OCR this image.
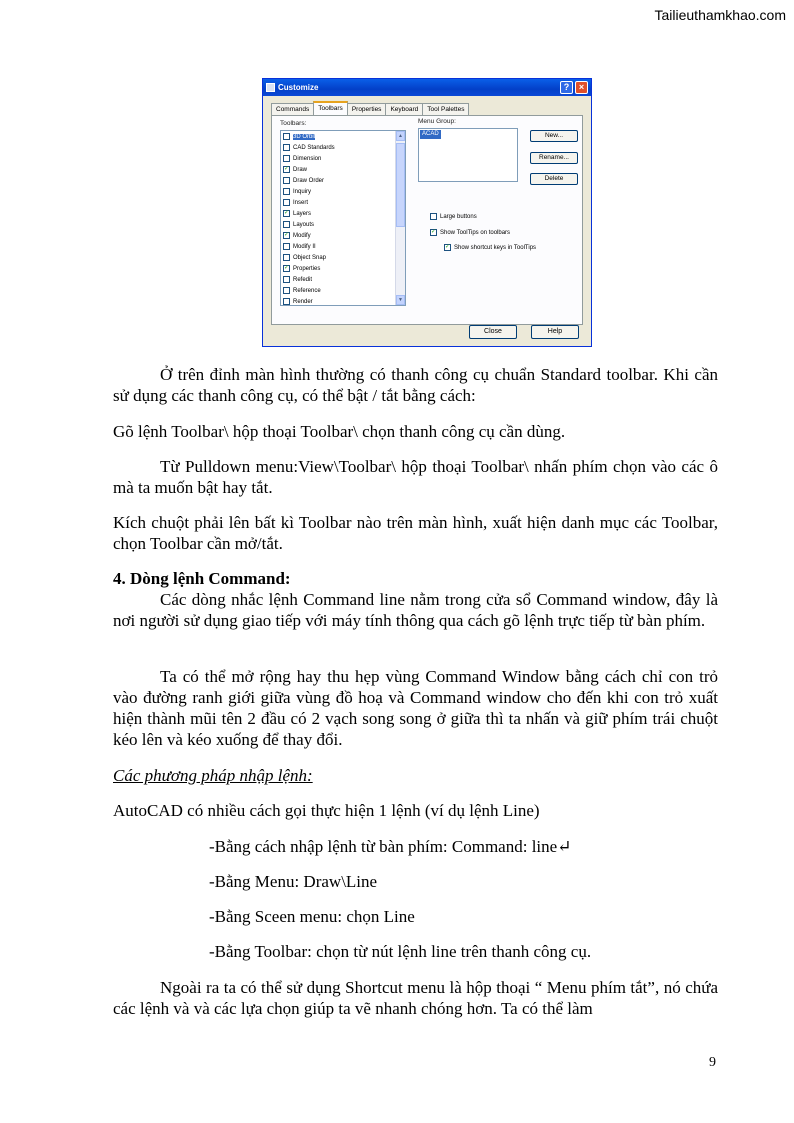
Tailieuthamkhao.com
Customize	?	×
Commands	Toolbars	Properties	Keyboard	Tool Palettes
Toolbars:
3D Orbit
CAD Standards
Dimension
✓ Draw
Draw Order
Inquiry
Insert
✓ Layers
Layouts
✓ Modify
Modify II
Object Snap
✓ Properties
Refedit
Reference
Render
▲
▼
Menu Group:
ACAD	New...
Rename...
Delete
Large buttons
✓ Show ToolTips on toolbars
✓ Show shortcut keys in ToolTips
Close	Help

Ở trên đỉnh màn hình thường có thanh công cụ chuẩn Standard toolbar. Khi cần sử dụng các thanh công cụ, có thể bật / tắt bằng cách:

Gõ lệnh Toolbar\ hộp thoại Toolbar\ chọn thanh công cụ cần dùng.

Từ Pulldown menu:View\Toolbar\ hộp thoại Toolbar\ nhấn phím chọn vào các ô mà ta muốn bật hay tắt.

Kích chuột phải lên bất kì Toolbar nào trên màn hình, xuất hiện danh mục các Toolbar, chọn Toolbar cần mở/tắt.

4. Dòng lệnh Command:

Các dòng nhắc lệnh Command line nằm trong cửa sổ Command window, đây là nơi người sử dụng giao tiếp với máy tính thông qua cách gõ lệnh trực tiếp từ bàn phím.

Ta có thể mở rộng hay thu hẹp vùng Command Window bằng cách chỉ con trỏ vào đường ranh giới giữa vùng đồ hoạ và Command window cho đến khi con trỏ xuất hiện thành mũi tên 2 đầu có 2 vạch song song ở giữa thì ta nhấn và giữ phím trái chuột kéo lên và kéo xuống để thay đổi.

Các phương pháp nhập lệnh:

AutoCAD có nhiều cách gọi thực hiện 1 lệnh (ví dụ lệnh Line)

-Bằng cách nhập lệnh từ bàn phím: Command: line↵

-Bằng Menu: Draw\Line

-Bằng Sceen menu: chọn Line

-Bằng Toolbar: chọn từ nút lệnh line trên thanh công cụ.

Ngoài ra ta có thể sử dụng Shortcut menu là hộp thoại “ Menu phím tắt”, nó chứa các lệnh và và các lựa chọn giúp ta vẽ nhanh chóng hơn. Ta có thể làm

9
